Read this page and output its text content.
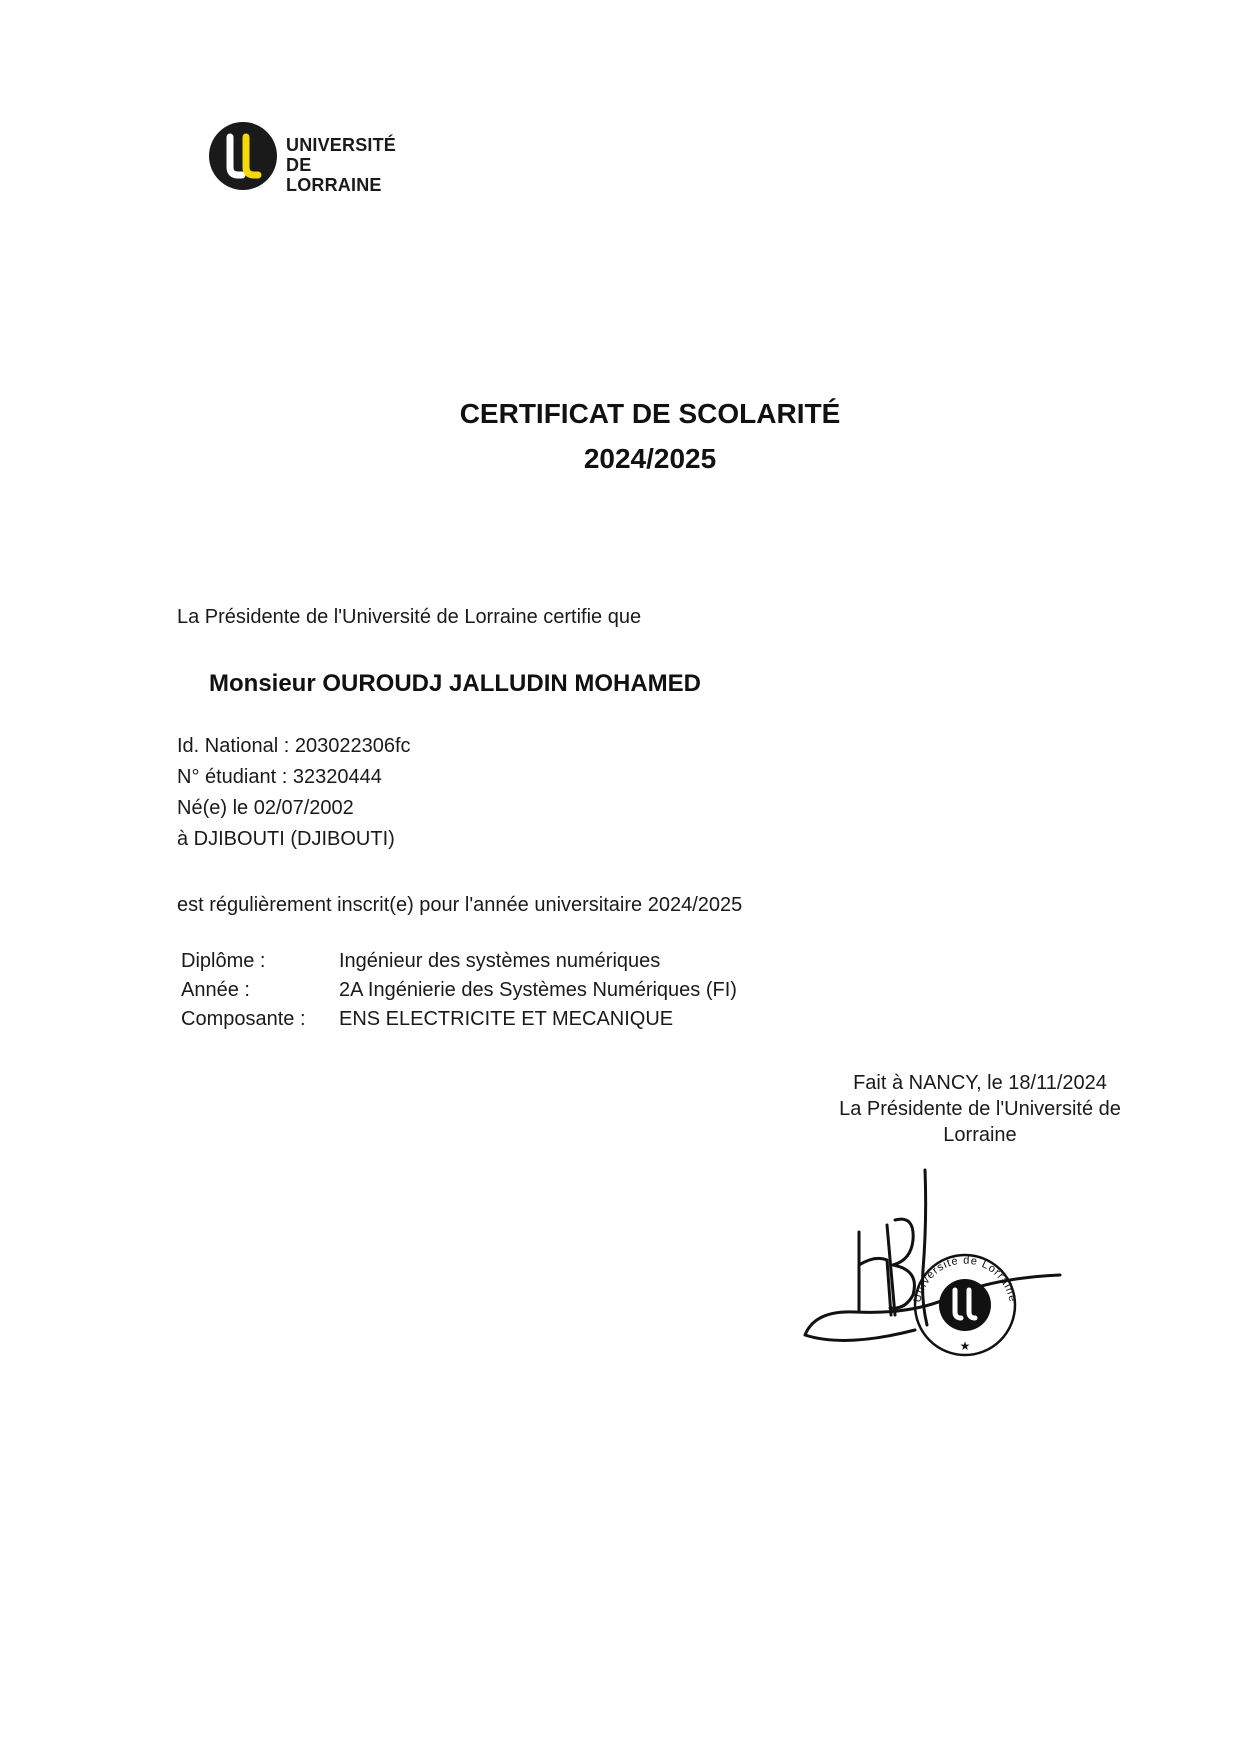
UNIVERSITÉ
DE LORRAINE
CERTIFICAT DE SCOLARITÉ
2024/2025
La Présidente de l'Université de Lorraine certifie que
Monsieur OUROUDJ JALLUDIN MOHAMED
Id. National : 203022306fc
N° étudiant : 32320444
Né(e) le 02/07/2002
à DJIBOUTI (DJIBOUTI)
est régulièrement inscrit(e) pour l'année universitaire 2024/2025
Diplôme :	Ingénieur des systèmes numériques
Année :	2A Ingénierie des Systèmes Numériques (FI)
Composante :	ENS ELECTRICITE ET MECANIQUE
Fait à NANCY, le 18/11/2024
La Présidente de l'Université de
Lorraine
Université de Lorraine
★
